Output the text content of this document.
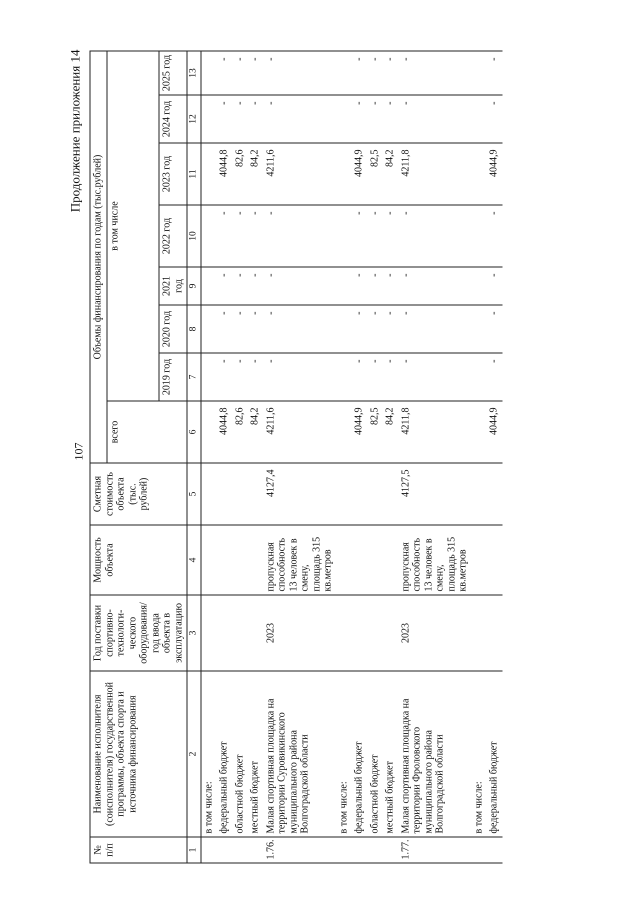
107
Продолжение приложения 14
№ п/п	Наименование исполнителя (соисполнителя) государственной программы, объекта спорта и источника финансирования	Год поставки спортивно-технологи-ческого оборудования/ год ввода объекта в эксплуатацию	Мощность объекта	Сметная стоимость объекта (тыс. рублей)	Объемы финансирования по годам (тыс.рублей)							
					всего	в том числе						
						2019 год	2020 год	2021 год	2022 год	2023 год	2024 год	2025 год
1	2	3	4	5	6	7	8	9	10	11	12	13
	в том числе:											
	федеральный бюджет				4044,8	-	-	-	-	4044,8	-	-
	областной бюджет				82,6	-	-	-	-	82,6	-	-
	местный бюджет				84,2	-	-	-	-	84,2	-	-
1.76.	Малая спортивная площадка на территории Суровикинского муниципального района Волгоградской области	2023	пропускная способность 13 человек в смену, площадь 315 кв.метров	4127,4	4211,6	-	-	-	-	4211,6	-	-
	в том числе:											
	федеральный бюджет				4044,9	-	-	-	-	4044,9	-	-
	областной бюджет				82,5	-	-	-	-	82,5	-	-
	местный бюджет				84,2	-	-	-	-	84,2	-	-
1.77.	Малая спортивная площадка на территории Фроловского муниципального района Волгоградской области	2023	пропускная способность 13 человек в смену, площадь 315 кв.метров	4127,5	4211,8	-	-	-	-	4211,8	-	-
	в том числе:											
	федеральный бюджет				4044,9	-	-	-	-	4044,9	-	-
